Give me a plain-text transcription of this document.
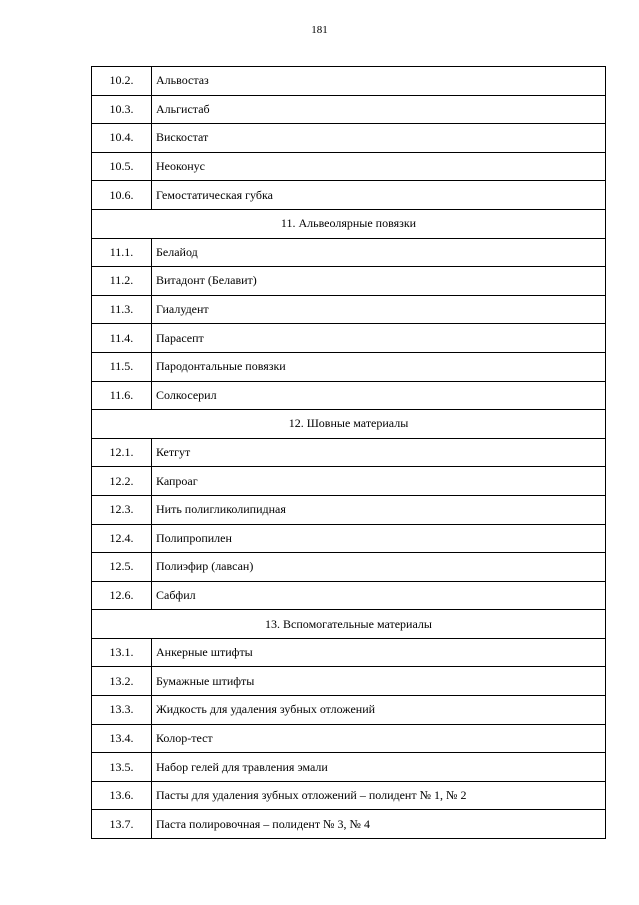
181
10.2.	Альвостаз
10.3.	Альгистаб
10.4.	Вискостат
10.5.	Неоконус
10.6.	Гемостатическая губка
11. Альвеолярные повязки	
11.1.	Белайод
11.2.	Витадонт (Белавит)
11.3.	Гиалудент
11.4.	Парасепт
11.5.	Пародонтальные повязки
11.6.	Солкосерил
12. Шовные материалы	
12.1.	Кетгут
12.2.	Капроаг
12.3.	Нить полигликолипидная
12.4.	Полипропилен
12.5.	Полиэфир (лавсан)
12.6.	Сабфил
13. Вспомогательные материалы	
13.1.	Анкерные штифты
13.2.	Бумажные штифты
13.3.	Жидкость для удаления зубных отложений
13.4.	Колор-тест
13.5.	Набор гелей для травления эмали
13.6.	Пасты для удаления зубных отложений – полидент № 1, № 2
13.7.	Паста полировочная – полидент № 3, № 4
